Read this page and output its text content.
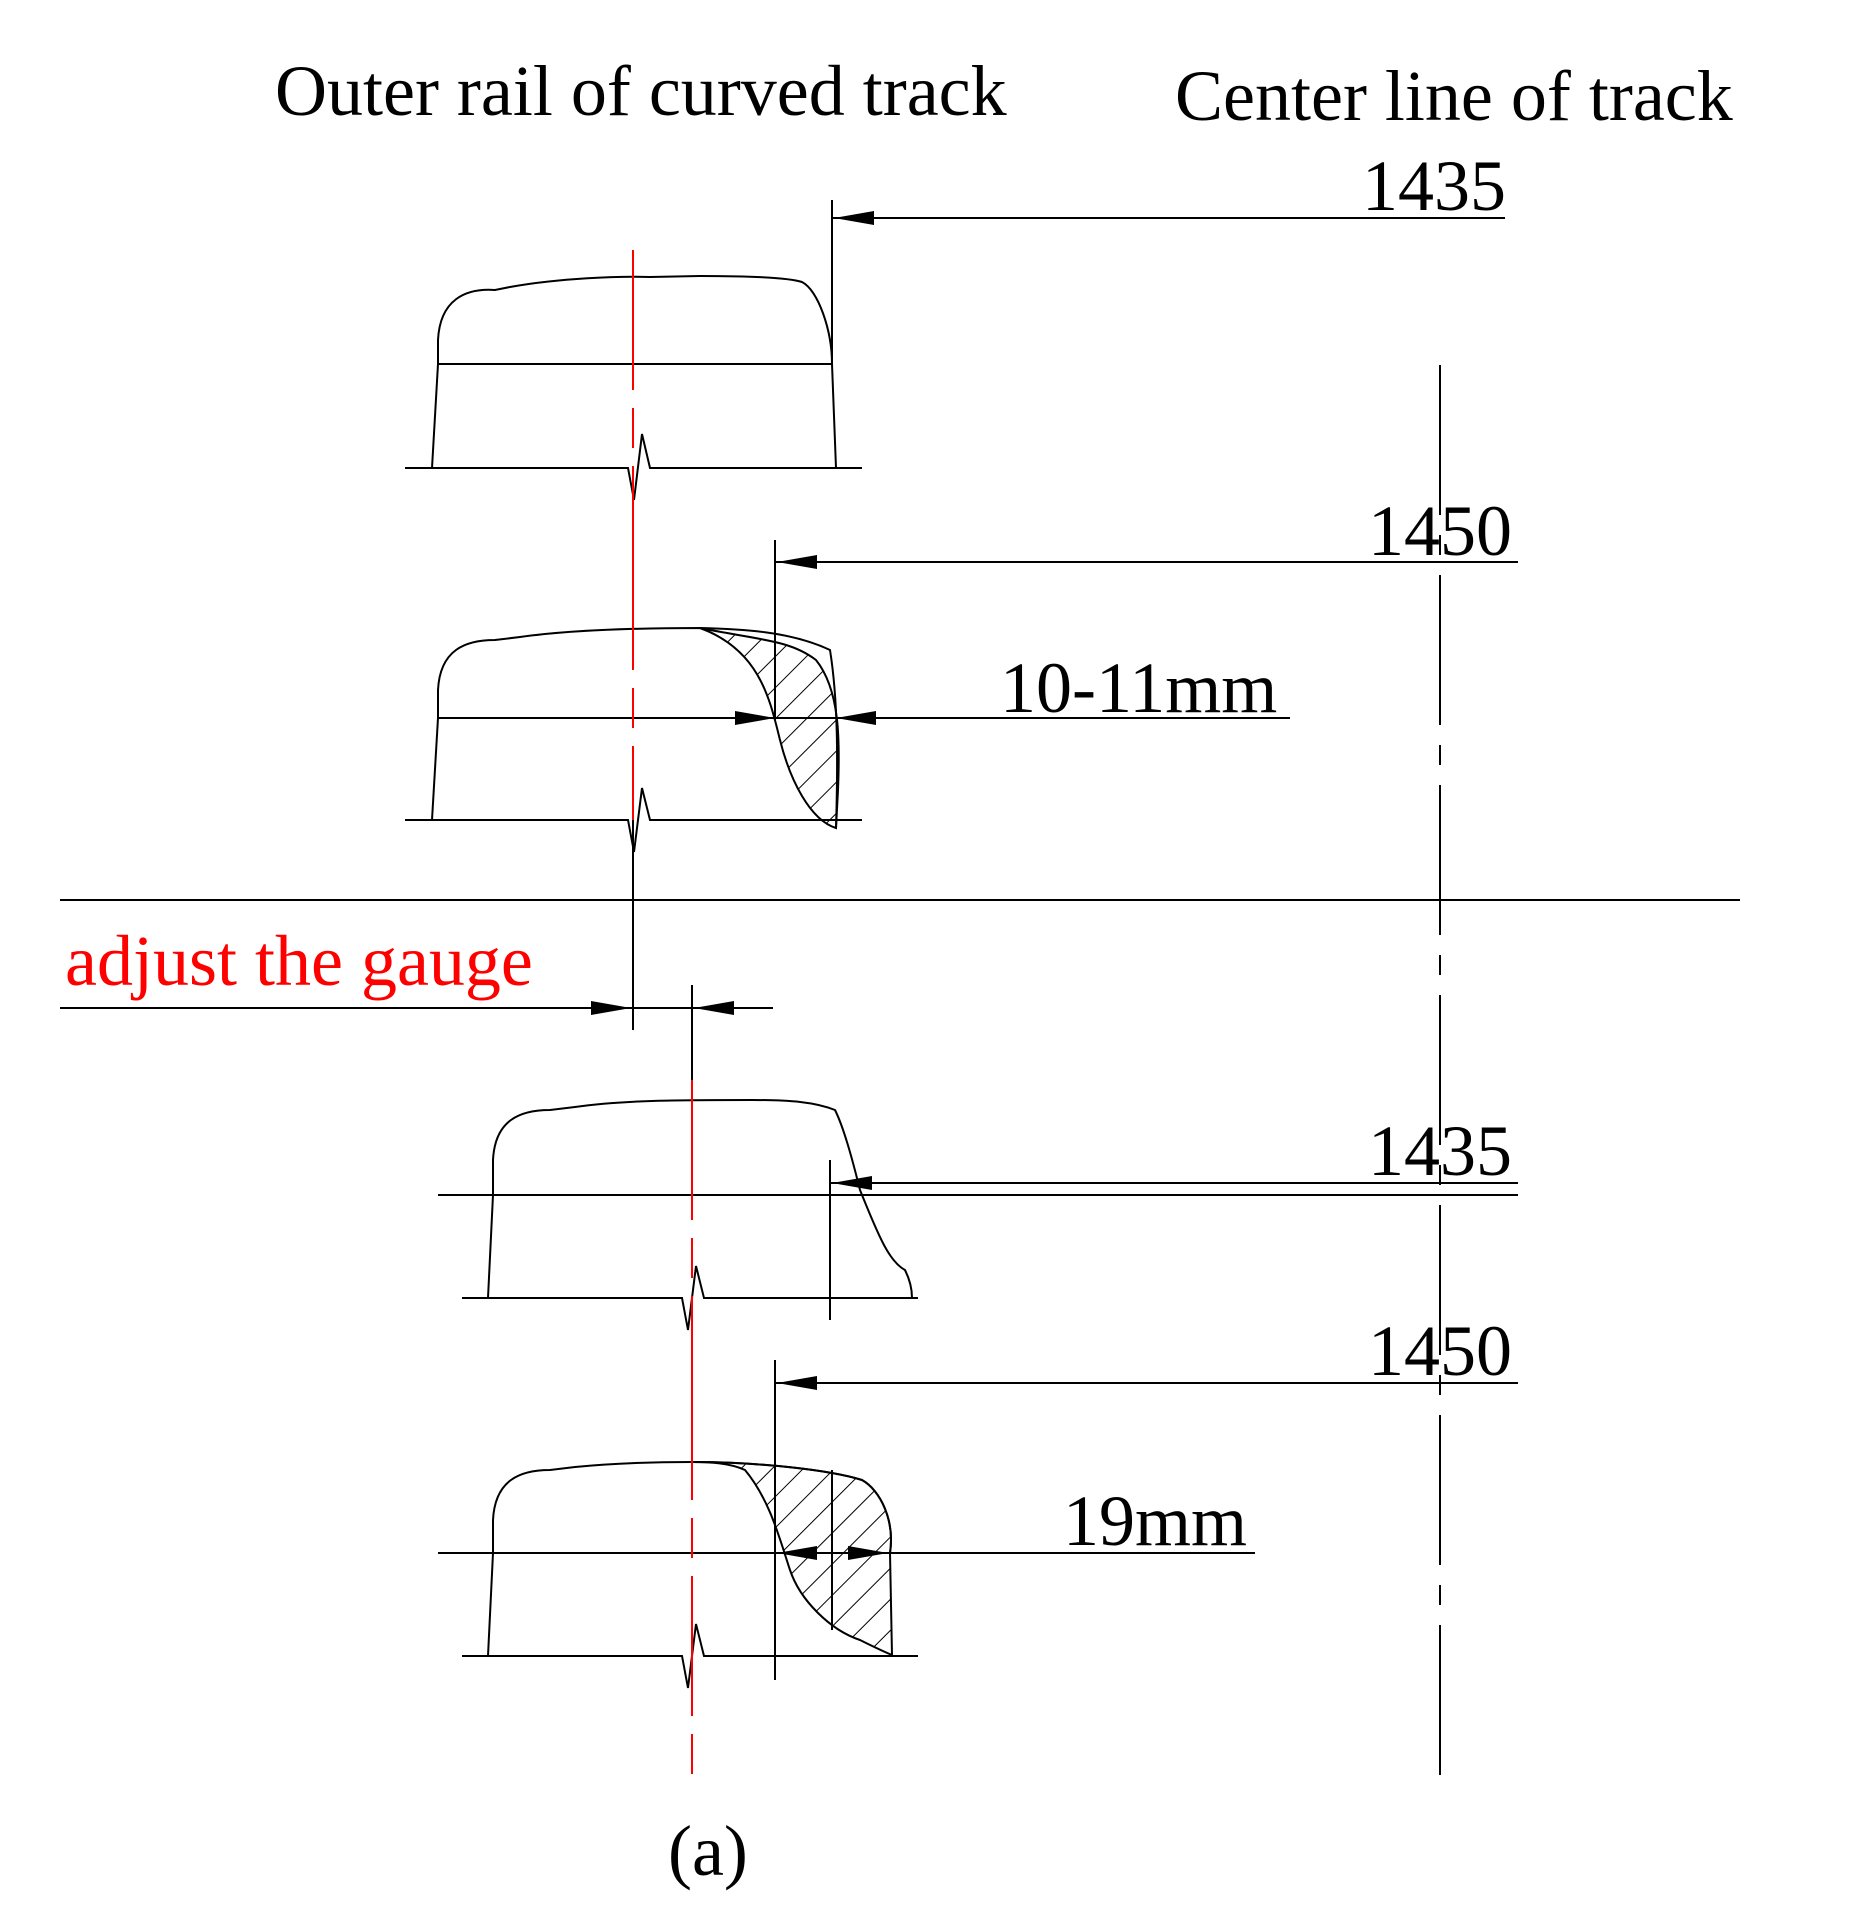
Outer rail of curved track Center line of track
1435
1450
10-11mm
adjust the gauge
1435
1450
19mm
(a)
